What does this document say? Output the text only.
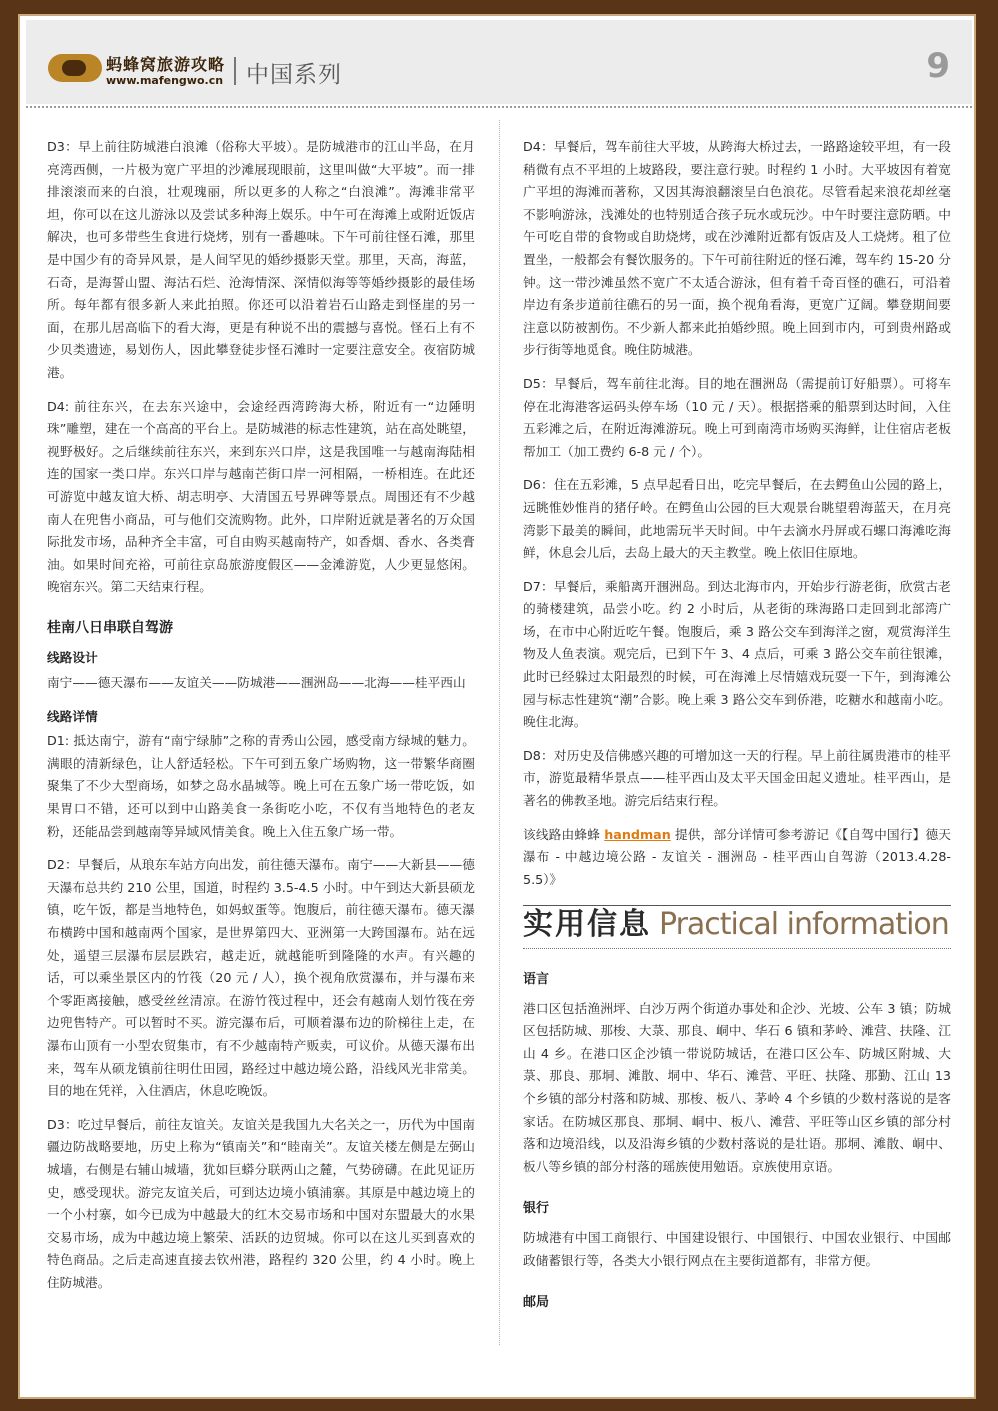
蚂蜂窝旅游攻略
www.mafengwo.cn 中国系列	9

D3：早上前往防城港白浪滩（俗称大平坡）。是防城港市的江山半岛，在月亮湾西侧，一片极为宽广平坦的沙滩展现眼前，这里叫做“大平坡”。而一排排滚滚而来的白浪，壮观瑰丽，所以更多的人称之“白浪滩”。海滩非常平坦，你可以在这儿游泳以及尝试多种海上娱乐。中午可在海滩上或附近饭店解决，也可多带些生食进行烧烤，别有一番趣味。下午可前往怪石滩，那里是中国少有的奇异风景，是人间罕见的婚纱摄影天堂。那里，天高，海蓝，石奇，是海誓山盟、海沽石烂、沧海情深、深情似海等等婚纱摄影的最佳场所。每年都有很多新人来此拍照。你还可以沿着岩石山路走到怪崖的另一面，在那儿居高临下的看大海，更是有种说不出的震撼与喜悦。怪石上有不少贝类遗迹，易划伤人，因此攀登徒步怪石滩时一定要注意安全。夜宿防城港。

D4: 前往东兴，在去东兴途中，会途经西湾跨海大桥，附近有一“边陲明珠”雕塑，建在一个高高的平台上。是防城港的标志性建筑，站在高处眺望，视野极好。之后继续前往东兴，来到东兴口岸，这是我国唯一与越南海陆相连的国家一类口岸。东兴口岸与越南芒街口岸一河相隔，一桥相连。在此还可游览中越友谊大桥、胡志明亭、大清国五号界碑等景点。周围还有不少越南人在兜售小商品，可与他们交流购物。此外，口岸附近就是著名的万众国际批发市场，品种齐全丰富，可自由购买越南特产，如香烟、香水、各类膏油。如果时间充裕，可前往京岛旅游度假区——金滩游览，人少更显悠闲。晚宿东兴。第二天结束行程。

桂南八日串联自驾游
线路设计

南宁——德天瀑布——友谊关——防城港——涠洲岛——北海——桂平西山

线路详情

D1: 抵达南宁，游有“南宁绿肺”之称的青秀山公园，感受南方绿城的魅力。满眼的清新绿色，让人舒适轻松。下午可到五象广场购物，这一带繁华商圈聚集了不少大型商场，如梦之岛水晶城等。晚上可在五象广场一带吃饭，如果胃口不错，还可以到中山路美食一条街吃小吃，不仅有当地特色的老友粉，还能品尝到越南等异域风情美食。晚上入住五象广场一带。

D2：早餐后，从琅东车站方向出发，前往德天瀑布。南宁——大新县——德天瀑布总共约 210 公里，国道，时程约 3.5-4.5 小时。中午到达大新县硕龙镇，吃午饭，都是当地特色，如妈蚁蛋等。饱腹后，前往德天瀑布。德天瀑布横跨中国和越南两个国家，是世界第四大、亚洲第一大跨国瀑布。站在远处，遥望三层瀑布层层跌宕，越走近，就越能听到隆隆的水声。有兴趣的话，可以乘坐景区内的竹筏（20 元 / 人），换个视角欣赏瀑布，并与瀑布来个零距离接触，感受丝丝清凉。在游竹筏过程中，还会有越南人划竹筏在旁边兜售特产。可以暂时不买。游完瀑布后，可顺着瀑布边的阶梯往上走，在瀑布山顶有一小型农贸集市，有不少越南特产贩卖，可议价。从德天瀑布出来，驾车从硕龙镇前往明仕田园，路经过中越边境公路，沿线风光非常美。目的地在凭祥，入住酒店，休息吃晚饭。

D3：吃过早餐后，前往友谊关。友谊关是我国九大名关之一，历代为中国南疆边防战略要地，历史上称为“镇南关”和“睦南关”。友谊关楼左侧是左弼山城墙，右侧是右辅山城墙，犹如巨蟒分联两山之麓，气势磅礴。在此见证历史，感受现状。游完友谊关后，可到达边境小镇浦寨。其原是中越边境上的一个小村寨，如今已成为中越最大的红木交易市场和中国对东盟最大的水果交易市场，成为中越边境上繁荣、活跃的边贸城。你可以在这儿买到喜欢的特色商品。之后走高速直接去钦州港，路程约 320 公里，约 4 小时。晚上住防城港。

D4：早餐后，驾车前往大平坡，从跨海大桥过去，一路路途较平坦，有一段稍微有点不平坦的上坡路段，要注意行驶。时程约 1 小时。大平坡因有着宽广平坦的海滩而著称，又因其海浪翻滚呈白色浪花。尽管看起来浪花却丝毫不影响游泳，浅滩处的也特别适合孩子玩水或玩沙。中午时要注意防晒。中午可吃自带的食物或自助烧烤，或在沙滩附近都有饭店及人工烧烤。租了位置坐，一般都会有餐饮服务的。下午可前往附近的怪石滩，驾车约 15-20 分钟。这一带沙滩虽然不宽广不太适合游泳，但有着千奇百怪的礁石，可沿着岸边有条步道前往礁石的另一面，换个视角看海，更宽广辽阔。攀登期间要注意以防被割伤。不少新人都来此拍婚纱照。晚上回到市内，可到贵州路或步行街等地觅食。晚住防城港。

D5：早餐后，驾车前往北海。目的地在涠洲岛（需提前订好船票）。可将车停在北海港客运码头停车场（10 元 / 天）。根据搭乘的船票到达时间，入住五彩滩之后，在附近海滩游玩。晚上可到南湾市场购买海鲜，让住宿店老板帮加工（加工费约 6-8 元 / 个）。

D6：住在五彩滩，5 点早起看日出，吃完早餐后，在去鳄鱼山公园的路上，远眺惟妙惟肖的猪仔岭。在鳄鱼山公园的巨大观景台眺望碧海蓝天，在月亮湾影下最美的瞬间，此地需玩半天时间。中午去滴水丹屏或石螺口海滩吃海鲜，休息会儿后，去岛上最大的天主教堂。晚上依旧住原地。

D7：早餐后，乘船离开涠洲岛。到达北海市内，开始步行游老街，欣赏古老的骑楼建筑，品尝小吃。约 2 小时后，从老街的珠海路口走回到北部湾广场，在市中心附近吃午餐。饱腹后，乘 3 路公交车到海洋之窗，观赏海洋生物及人鱼表演。观完后，已到下午 3、4 点后，可乘 3 路公交车前往银滩，此时已经躲过太阳最烈的时候，可在海滩上尽情嬉戏玩耍一下午，到海滩公园与标志性建筑“潮”合影。晚上乘 3 路公交车到侨港，吃糖水和越南小吃。晚住北海。

D8：对历史及信佛感兴趣的可增加这一天的行程。早上前往属贵港市的桂平市，游览最精华景点——桂平西山及太平天国金田起义遗址。桂平西山，是著名的佛教圣地。游完后结束行程。

该线路由蜂蜂 handman 提供，部分详情可参考游记《【自驾中国行】德天瀑布 - 中越边境公路 - 友谊关 - 涠洲岛 - 桂平西山自驾游（2013.4.28-5.5）》

实用信息 Practical information
语言

港口区包括渔洲坪、白沙万两个街道办事处和企沙、光坡、公车 3 镇；防城区包括防城、那梭、大菉、那良、峒中、华石 6 镇和茅岭、滩营、扶隆、江山 4 乡。在港口区企沙镇一带说防城话，在港口区公车、防城区附城、大菉、那良、那垌、滩散、垌中、华石、滩营、平旺、扶隆、那勤、江山 13 个乡镇的部分村落和防城、那梭、板八、茅岭 4 个乡镇的少数村落说的是客家话。在防城区那良、那垌、峒中、板八、滩营、平旺等山区乡镇的部分村落和边境沿线，以及沿海乡镇的少数村落说的是壮语。那垌、滩散、峒中、板八等乡镇的部分村落的瑶族使用勉语。京族使用京语。

银行

防城港有中国工商银行、中国建设银行、中国银行、中国农业银行、中国邮政储蓄银行等，各类大小银行网点在主要街道都有，非常方便。

邮局
